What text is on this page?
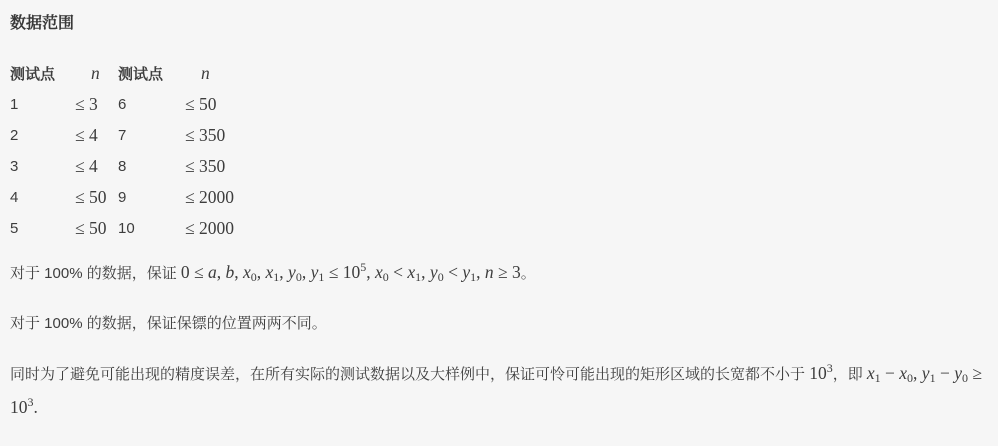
数据范围
测试点	n	测试点	n
1	≤ 3	6	≤ 50
2	≤ 4	7	≤ 350
3	≤ 4	8	≤ 350
4	≤ 50	9	≤ 2000
5	≤ 50	10	≤ 2000

对于 100% 的数据，保证 0 ≤ a, b, $x_0$, $x_1$, $y_0$, $y_1 \le 10^5$, $x_0 < x_1$, $y_0 < y_1$, n ≥ 3。

对于 100% 的数据，保证保镖的位置两两不同。

同时为了避免可能出现的精度误差，在所有实际的测试数据以及大样例中，保证可怜可能出现的矩形区域的长宽都不小于 $10^3$，即 $x_1 - x_0$, $y_1 - y_0 \ge 10^3$.
